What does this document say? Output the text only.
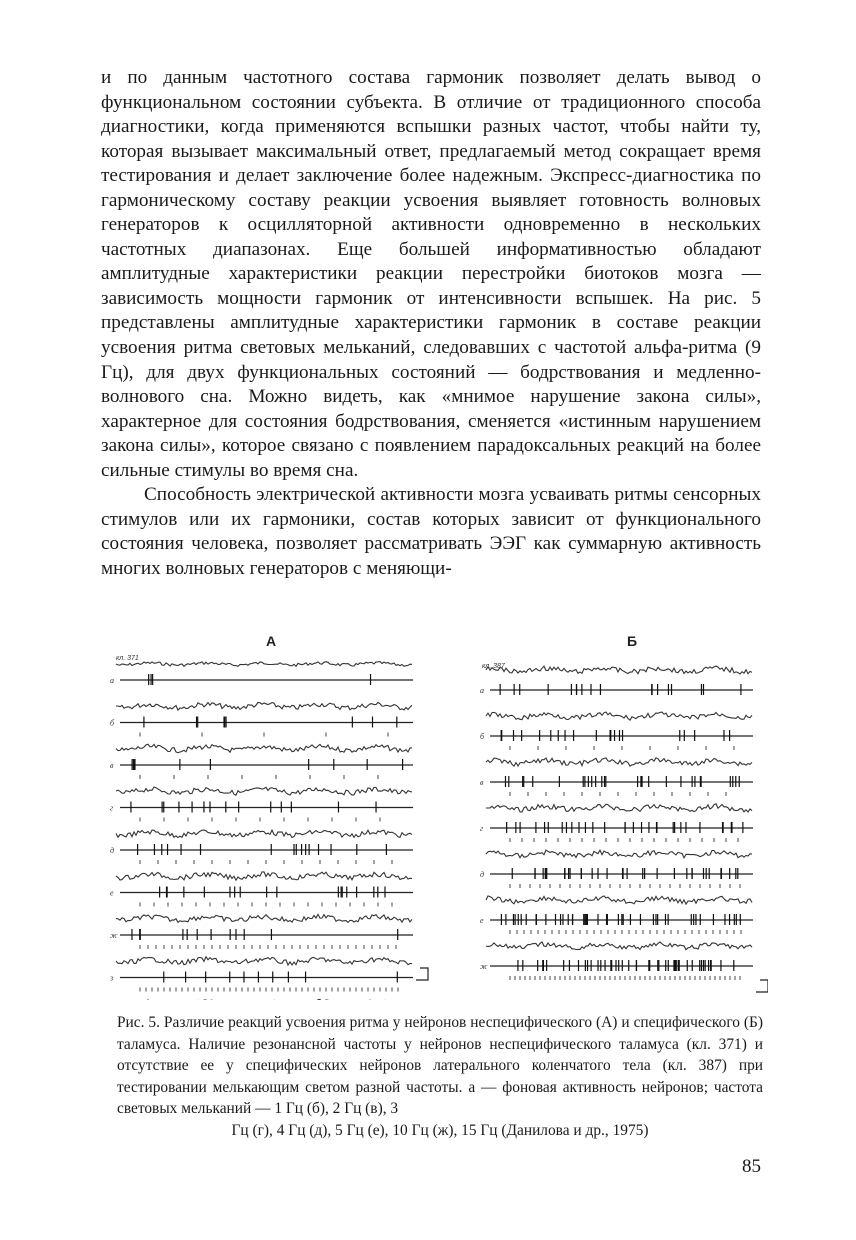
и по данным частотного состава гармоник позволяет делать вывод о функциональном состоянии субъекта. В отличие от традиционного способа диагностики, когда применяются вспышки разных частот, чтобы найти ту, которая вызывает максимальный ответ, предлагаемый метод сокращает время тестирования и делает заключение более надежным. Экспресс-диагностика по гармоническому составу реакции усвоения выявляет готовность волновых генераторов к осцилляторной активности одновременно в нескольких частотных диапазонах. Еще большей информативностью обладают амплитудные характеристики реакции перестройки биотоков мозга — зависимость мощности гармоник от интенсивности вспышек. На рис. 5 представлены амплитудные характеристики гармоник в составе реакции усвоения ритма световых мельканий, следовавших с частотой альфа-ритма (9 Гц), для двух функциональных состояний — бодрствования и медленно-волнового сна. Можно видеть, как «мнимое нарушение закона силы», характерное для состояния бодрствования, сменяется «истинным нарушением закона силы», которое связано с появлением парадоксальных реакций на более сильные стимулы во время сна.

Способность электрической активности мозга усваивать ритмы сенсорных стимулов или их гармоники, состав которых зависит от функционального состояния человека, позволяет рассматривать ЭЭГ как суммарную активность многих волновых генераторов с меняющи-

А	Б
кл. 371
кл. 387
а
б
в
г
д
е
ж
з
а
б
в
г
д
е
ж
Рис. 5. Различие реакций усвоения ритма у нейронов неспецифического (А) и специфического (Б) таламуса. Наличие резонансной частоты у нейронов неспецифического таламуса (кл. 371) и отсутствие ее у специфических нейронов латерального коленчатого тела (кл. 387) при тестировании мелькающим светом разной частоты. а — фоновая активность нейронов; частота световых мельканий — 1 Гц (б), 2 Гц (в), 3
Гц (г), 4 Гц (д), 5 Гц (е), 10 Гц (ж), 15 Гц (Данилова и др., 1975)
85
